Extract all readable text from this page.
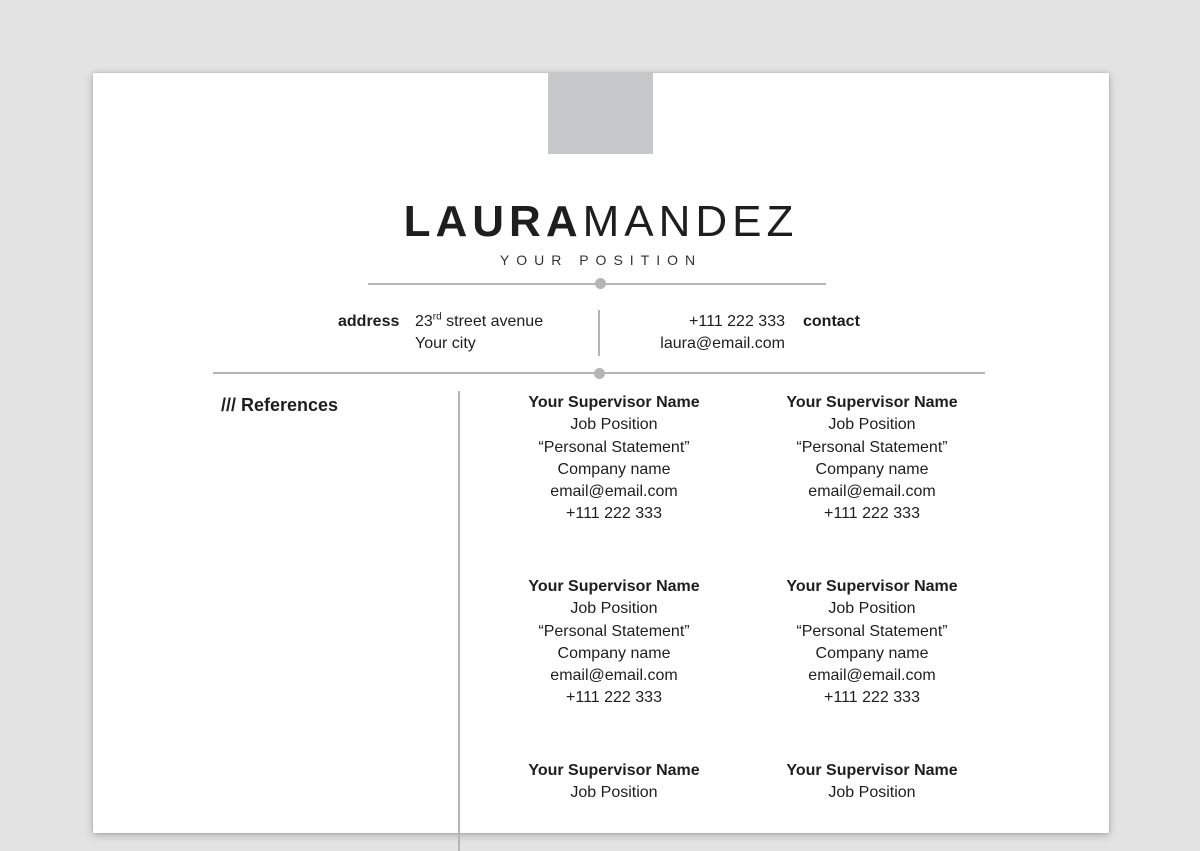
LAURAMANDEZ
YOUR POSITION
address 23rd street avenue
Your city
+111 222 333
laura@email.com
contact
/// References	Your Supervisor Name
Job Position
“Personal Statement”
Company name
email@email.com
+111 222 333
Your Supervisor Name
Job Position
“Personal Statement”
Company name
email@email.com
+111 222 333
Your Supervisor Name
Job Position
“Personal Statement”
Company name
email@email.com
+111 222 333
Your Supervisor Name
Job Position
“Personal Statement”
Company name
email@email.com
+111 222 333
Your Supervisor Name
Job Position
Your Supervisor Name
Job Position
